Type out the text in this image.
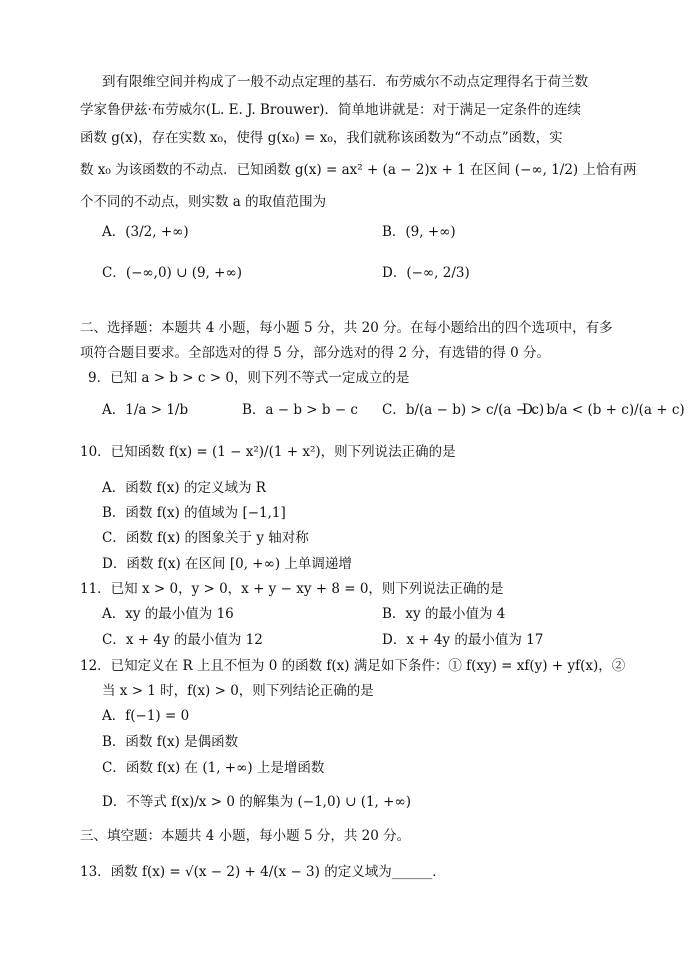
到有限维空间并构成了一般不动点定理的基石．布劳威尔不动点定理得名于荷兰数
学家鲁伊兹·布劳威尔(L. E. J. Brouwer)．简单地讲就是：对于满足一定条件的连续
函数 g(x)，存在实数 x₀，使得 g(x₀) = x₀，我们就称该函数为“不动点”函数，实
数 x₀ 为该函数的不动点．已知函数 g(x) = ax² + (a − 2)x + 1 在区间 (−∞, 1/2) 上恰有两
个不同的不动点，则实数 a 的取值范围为
A．(3/2, +∞)	B．(9, +∞)
C．(−∞,0) ∪ (9, +∞)	D．(−∞, 2/3)
二、选择题：本题共 4 小题，每小题 5 分，共 20 分。在每小题给出的四个选项中，有多
项符合题目要求。全部选对的得 5 分，部分选对的得 2 分，有选错的得 0 分。
9．已知 a > b > c > 0，则下列不等式一定成立的是
A．1/a > 1/b	B．a − b > b − c C．b/(a − b) > c/(a − c)
D．b/a < (b + c)/(a + c)
10．已知函数 f(x) = (1 − x²)/(1 + x²)，则下列说法正确的是
A．函数 f(x) 的定义域为 R
B．函数 f(x) 的值域为 [−1,1]
C．函数 f(x) 的图象关于 y 轴对称
D．函数 f(x) 在区间 [0, +∞) 上单调递增
11．已知 x > 0，y > 0，x + y − xy + 8 = 0，则下列说法正确的是
A．xy 的最小值为 16	B．xy 的最小值为 4
C．x + 4y 的最小值为 12	D．x + 4y 的最小值为 17
12．已知定义在 R 上且不恒为 0 的函数 f(x) 满足如下条件：① f(xy) = xf(y) + yf(x)，②
当 x > 1 时，f(x) > 0，则下列结论正确的是
A．f(−1) = 0
B．函数 f(x) 是偶函数
C．函数 f(x) 在 (1, +∞) 上是增函数
D．不等式 f(x)/x > 0 的解集为 (−1,0) ∪ (1, +∞)
三、填空题：本题共 4 小题，每小题 5 分，共 20 分。
13．函数 f(x) = √(x − 2) + 4/(x − 3) 的定义域为______．
